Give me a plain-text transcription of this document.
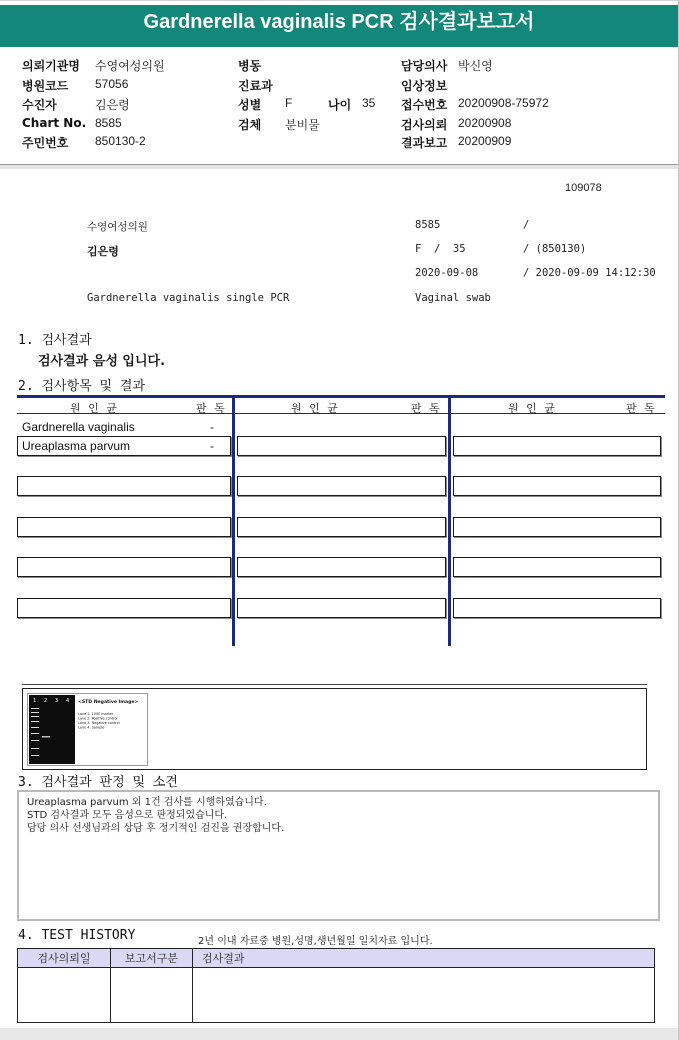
Gardnerella vaginalis PCR 검사결과보고서
의뢰기관명 수영여성의원	병동	담당의사 박신영
병원코드 57056	진료과	임상정보
수진자	김은령	성별 F	나이 35 접수번호 20200908-75972
Chart No. 8585	검체 분비물	검사의뢰 20200908
주민번호 850130-2	결과보고 20200909
109078
수영여성의원	8585	/
김은령	F  /  35	/ (850130)
2020-09-08	/ 2020-09-09 14:12:30
Gardnerella vaginalis single PCR	Vaginal swab
1. 검사결과
검사결과 음성 입니다.
2. 검사항목 및 결과
원 인 균	판 독	원 인 균	판 독	원 인 균	판 독
Gardnerella vaginalis	-
Ureaplasma parvum	-
1 2 3 4 <STD Negative Image>
Lane 1. 100E marker
Lane 2. Positive control
Lane 3. Negative control
Lane 4. Sample
3. 검사결과 판정 및 소견
Ureaplasma parvum 외 1건 검사를 시행하였습니다.
STD 검사결과 모두 음성으로 판정되었습니다.
담당 의사 선생님과의 상담 후 정기적인 검진을 권장합니다.
4. TEST HISTORY	2년 이내 자료중 병원,성명,생년월일 일치자료 입니다.
검사의뢰일	보고서구분	검사결과
